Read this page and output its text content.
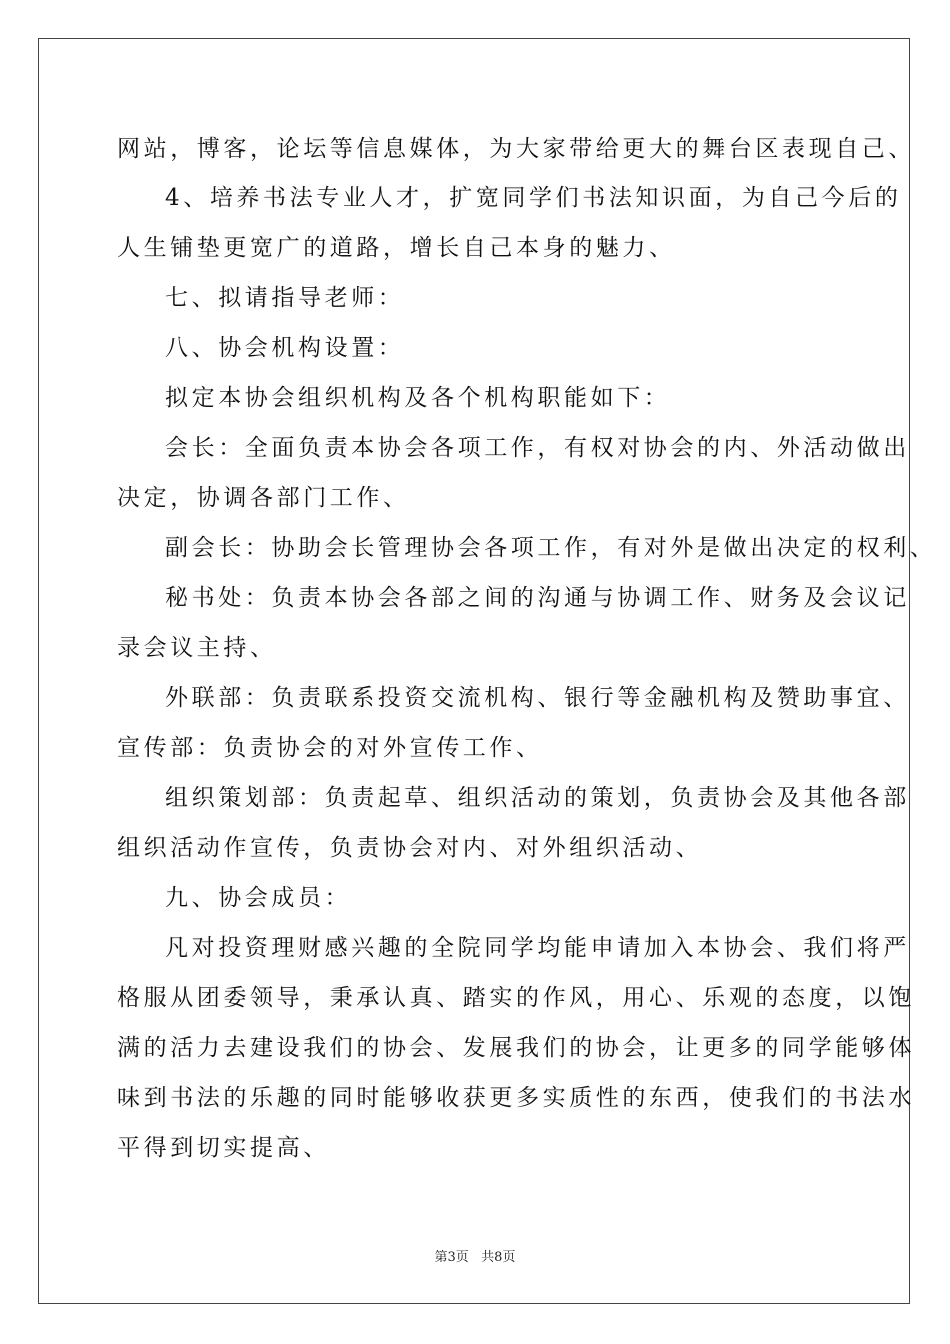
网站，博客，论坛等信息媒体，为大家带给更大的舞台区表现自己、
4、培养书法专业人才，扩宽同学们书法知识面，为自己今后的
人生铺垫更宽广的道路，增长自己本身的魅力、
七、拟请指导老师：
八、协会机构设置：
拟定本协会组织机构及各个机构职能如下：
会长：全面负责本协会各项工作，有权对协会的内、外活动做出
决定，协调各部门工作、
副会长：协助会长管理协会各项工作，有对外是做出决定的权利、
秘书处：负责本协会各部之间的沟通与协调工作、财务及会议记
录会议主持、
外联部：负责联系投资交流机构、银行等金融机构及赞助事宜、
宣传部：负责协会的对外宣传工作、
组织策划部：负责起草、组织活动的策划，负责协会及其他各部
组织活动作宣传，负责协会对内、对外组织活动、
九、协会成员：
凡对投资理财感兴趣的全院同学均能申请加入本协会、我们将严
格服从团委领导，秉承认真、踏实的作风，用心、乐观的态度，以饱
满的活力去建设我们的协会、发展我们的协会，让更多的同学能够体
味到书法的乐趣的同时能够收获更多实质性的东西，使我们的书法水
平得到切实提高、
第3页   共8页
